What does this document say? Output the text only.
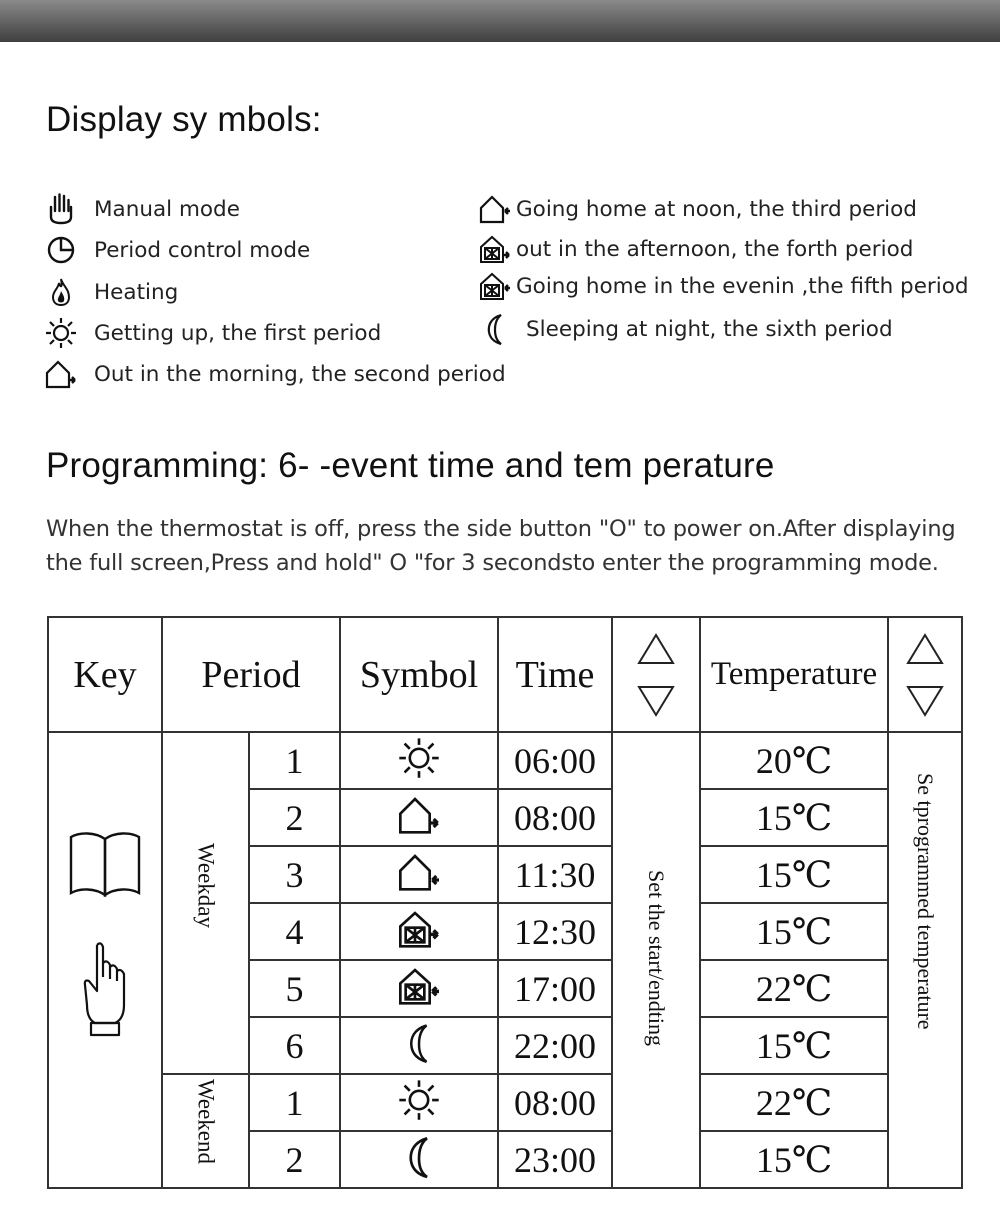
Display sy mbols:
Manual mode
Period control mode
Heating
Getting up, the first period
Out in the morning, the second period
Going home at noon, the third period
out in the afternoon, the forth period
Going home in the evenin ,the fifth period
Sleeping at night, the sixth period
Programming: 6- -event time and tem perature

When the thermostat is off, press the side button "O" to power on.After displaying

the full screen,Press and hold" O "for 3 secondsto enter the programming mode.

Key	Period		Symbol	Time		Temperature	

	Weekday	1		06:00	Set the start/endting	20℃	Se tprogrammed temperature
		2		08:00		15℃	
		3		11:30		15℃	
		4		12:30		15℃	
		5		17:00		22℃	
		6		22:00		15℃	
	Weekend	1		08:00		22℃	
		2		23:00		15℃	
